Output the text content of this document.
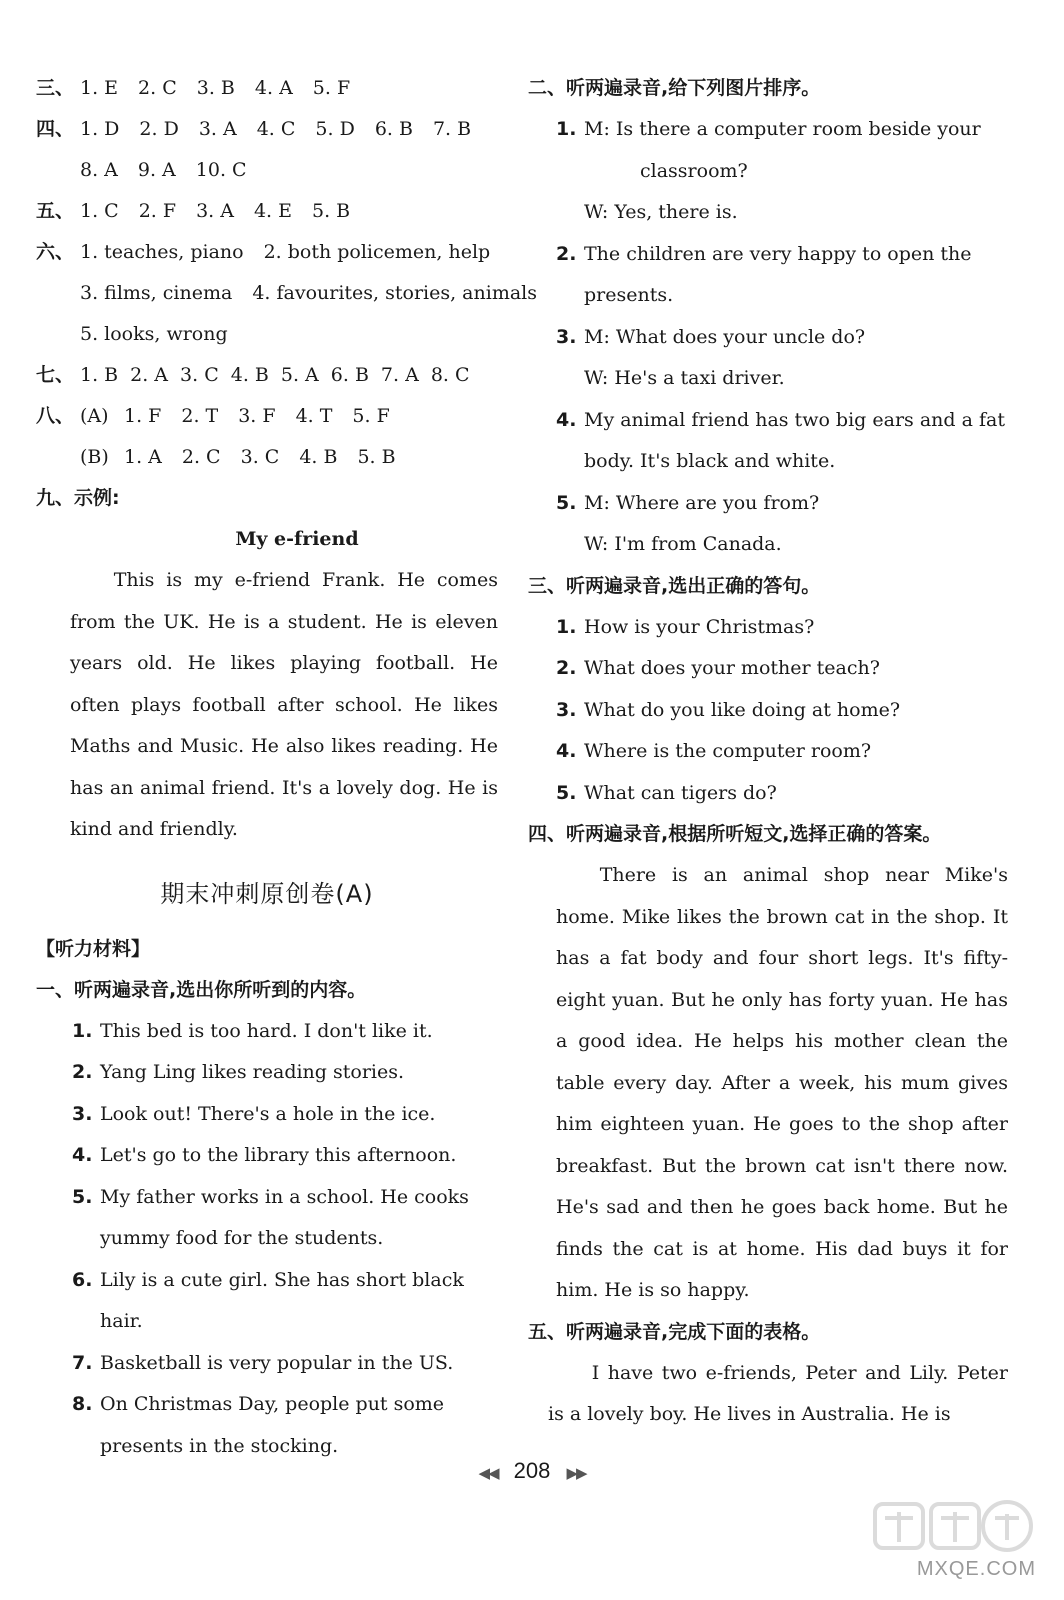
三、 1. E 2. C 3. B 4. A 5. F
四、 1. D 2. D 3. A 4. C 5. D 6. B 7. B
8. A 9. A 10. C
五、 1. C 2. F 3. A 4. E 5. B
六、 1. teaches, piano 2. both policemen, help
3. films, cinema 4. favourites, stories, animals
5. looks, wrong
七、 1. B 2. A 3. C 4. B 5. A 6. B 7. A 8. C
八、 (A) 1. F 2. T 3. F 4. T 5. F
(B) 1. A 2. C 3. C 4. B 5. B
九、示例:
My e-friend
This is my e-friend Frank. He comes from the UK. He is a student. He is eleven years old. He likes playing football. He often plays football after school. He likes Maths and Music. He also likes reading. He has an animal friend. It's a lovely dog. He is kind and friendly.
期末冲刺原创卷(A)
【听力材料】
一、听两遍录音,选出你所听到的内容。
1. This bed is too hard. I don't like it.
2. Yang Ling likes reading stories.
3. Look out! There's a hole in the ice.
4. Let's go to the library this afternoon.
5. My father works in a school. He cooks
yummy food for the students.
6. Lily is a cute girl. She has short black hair.
7. Basketball is very popular in the US.
8. On Christmas Day, people put some
presents in the stocking.
二、听两遍录音,给下列图片排序。
1. M: Is there a computer room beside your
classroom?
W: Yes, there is.
2. The children are very happy to open the
presents.
3. M: What does your uncle do?
W: He's a taxi driver.
4. My animal friend has two big ears and a fat
body. It's black and white.
5. M: Where are you from?
W: I'm from Canada.
三、听两遍录音,选出正确的答句。
1. How is your Christmas?
2. What does your mother teach?
3. What do you like doing at home?
4. Where is the computer room?
5. What can tigers do?
四、听两遍录音,根据所听短文,选择正确的答案。
There is an animal shop near Mike's home. Mike likes the brown cat in the shop. It has a fat body and four short legs. It's fifty-eight yuan. But he only has forty yuan. He has a good idea. He helps his mother clean the table every day. After a week, his mum gives him eighteen yuan. He goes to the shop after breakfast. But the brown cat isn't there now. He's sad and then he goes back home. But he finds the cat is at home. His dad buys it for him. He is so happy.
五、听两遍录音,完成下面的表格。
I have two e-friends, Peter and Lily. Peter is a lovely boy. He lives in Australia. He is
◀◀ 208 ▶▶
MXQE.COM
